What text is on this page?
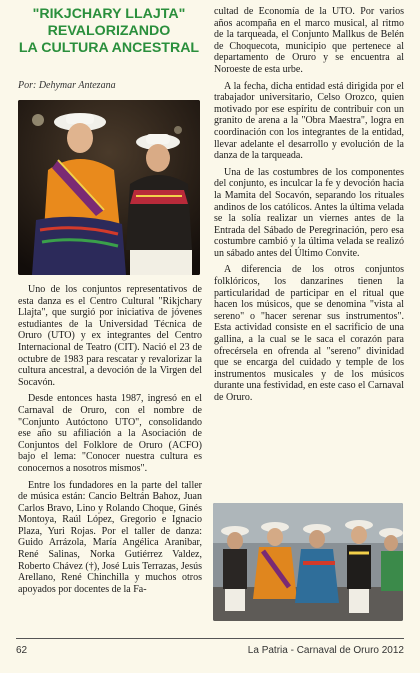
"RIKJCHARY LLAJTA"
REVALORIZANDO
LA CULTURA ANCESTRAL
Por: Dehymar Antezana

Uno de los conjuntos representativos de esta danza es el Centro Cultural "Rikjchary Llajta", que surgió por iniciativa de jóvenes estudiantes de la Universidad Técnica de Oruro (UTO) y ex integrantes del Centro Internacional de Teatro (CIT). Nació el 23 de octubre de 1983 para rescatar y revalorizar la cultura ancestral, a devoción de la Virgen del Socavón.

Desde entonces hasta 1987, ingresó en el Carnaval de Oruro, con el nombre de "Conjunto Autóctono UTO", consolidando ese año su afiliación a la Asociación de Conjuntos del Folklore de Oruro (ACFO) bajo el lema: "Conocer nuestra cultura es conocernos a nosotros mismos".

Entre los fundadores en la parte del taller de música están: Cancio Beltrán Bahoz, Juan Carlos Bravo, Lino y Rolando Choque, Ginés Montoya, Raúl López, Gregorio e Ignacio Plaza, Yuri Rojas. Por el taller de danza: Guido Arrázola, María Angélica Aranibar, René Salinas, Norka Gutiérrez Valdez, Roberto Chávez (†), José Luis Terrazas, Jesús Arellano, René Chinchilla y muchos otros apoyados por docentes de la Fa-

cultad de Economía de la UTO. Por varios años acompaña en el marco musical, al ritmo de la tarqueada, el Conjunto Mallkus de Belén de Choquecota, municipio que pertenece al departamento de Oruro y se encuentra al Noroeste de esta urbe.

A la fecha, dicha entidad está dirigida por el trabajador universitario, Celso Orozco, quien motivado por ese espíritu de contribuir con un granito de arena a la "Obra Maestra", logra en coordinación con los integrantes de la entidad, llevar adelante el desarrollo y evolución de la danza de la tarqueada.

Una de las costumbres de los componentes del conjunto, es inculcar la fe y devoción hacia la Mamita del Socavón, separando los rituales andinos de los católicos. Antes la última velada se la solía realizar un viernes antes de la Entrada del Sábado de Peregrinación, pero esa costumbre cambió y la última velada se realizó un sábado antes del Último Convite.

A diferencia de los otros conjuntos folklóricos, los danzarines tienen la particularidad de participar en el ritual que hacen los músicos, que se denomina "vista al sereno" o "hacer serenar sus instrumentos". Esta actividad consiste en el sacrificio de una gallina, a la cual se le saca el corazón para ofrecérsela en ofrenda al "sereno" divinidad que se encarga del cuidado y temple de los instrumentos musicales y de los músicos durante una festividad, en este caso el Carnaval de Oruro.

62	La Patria - Carnaval de Oruro 2012
